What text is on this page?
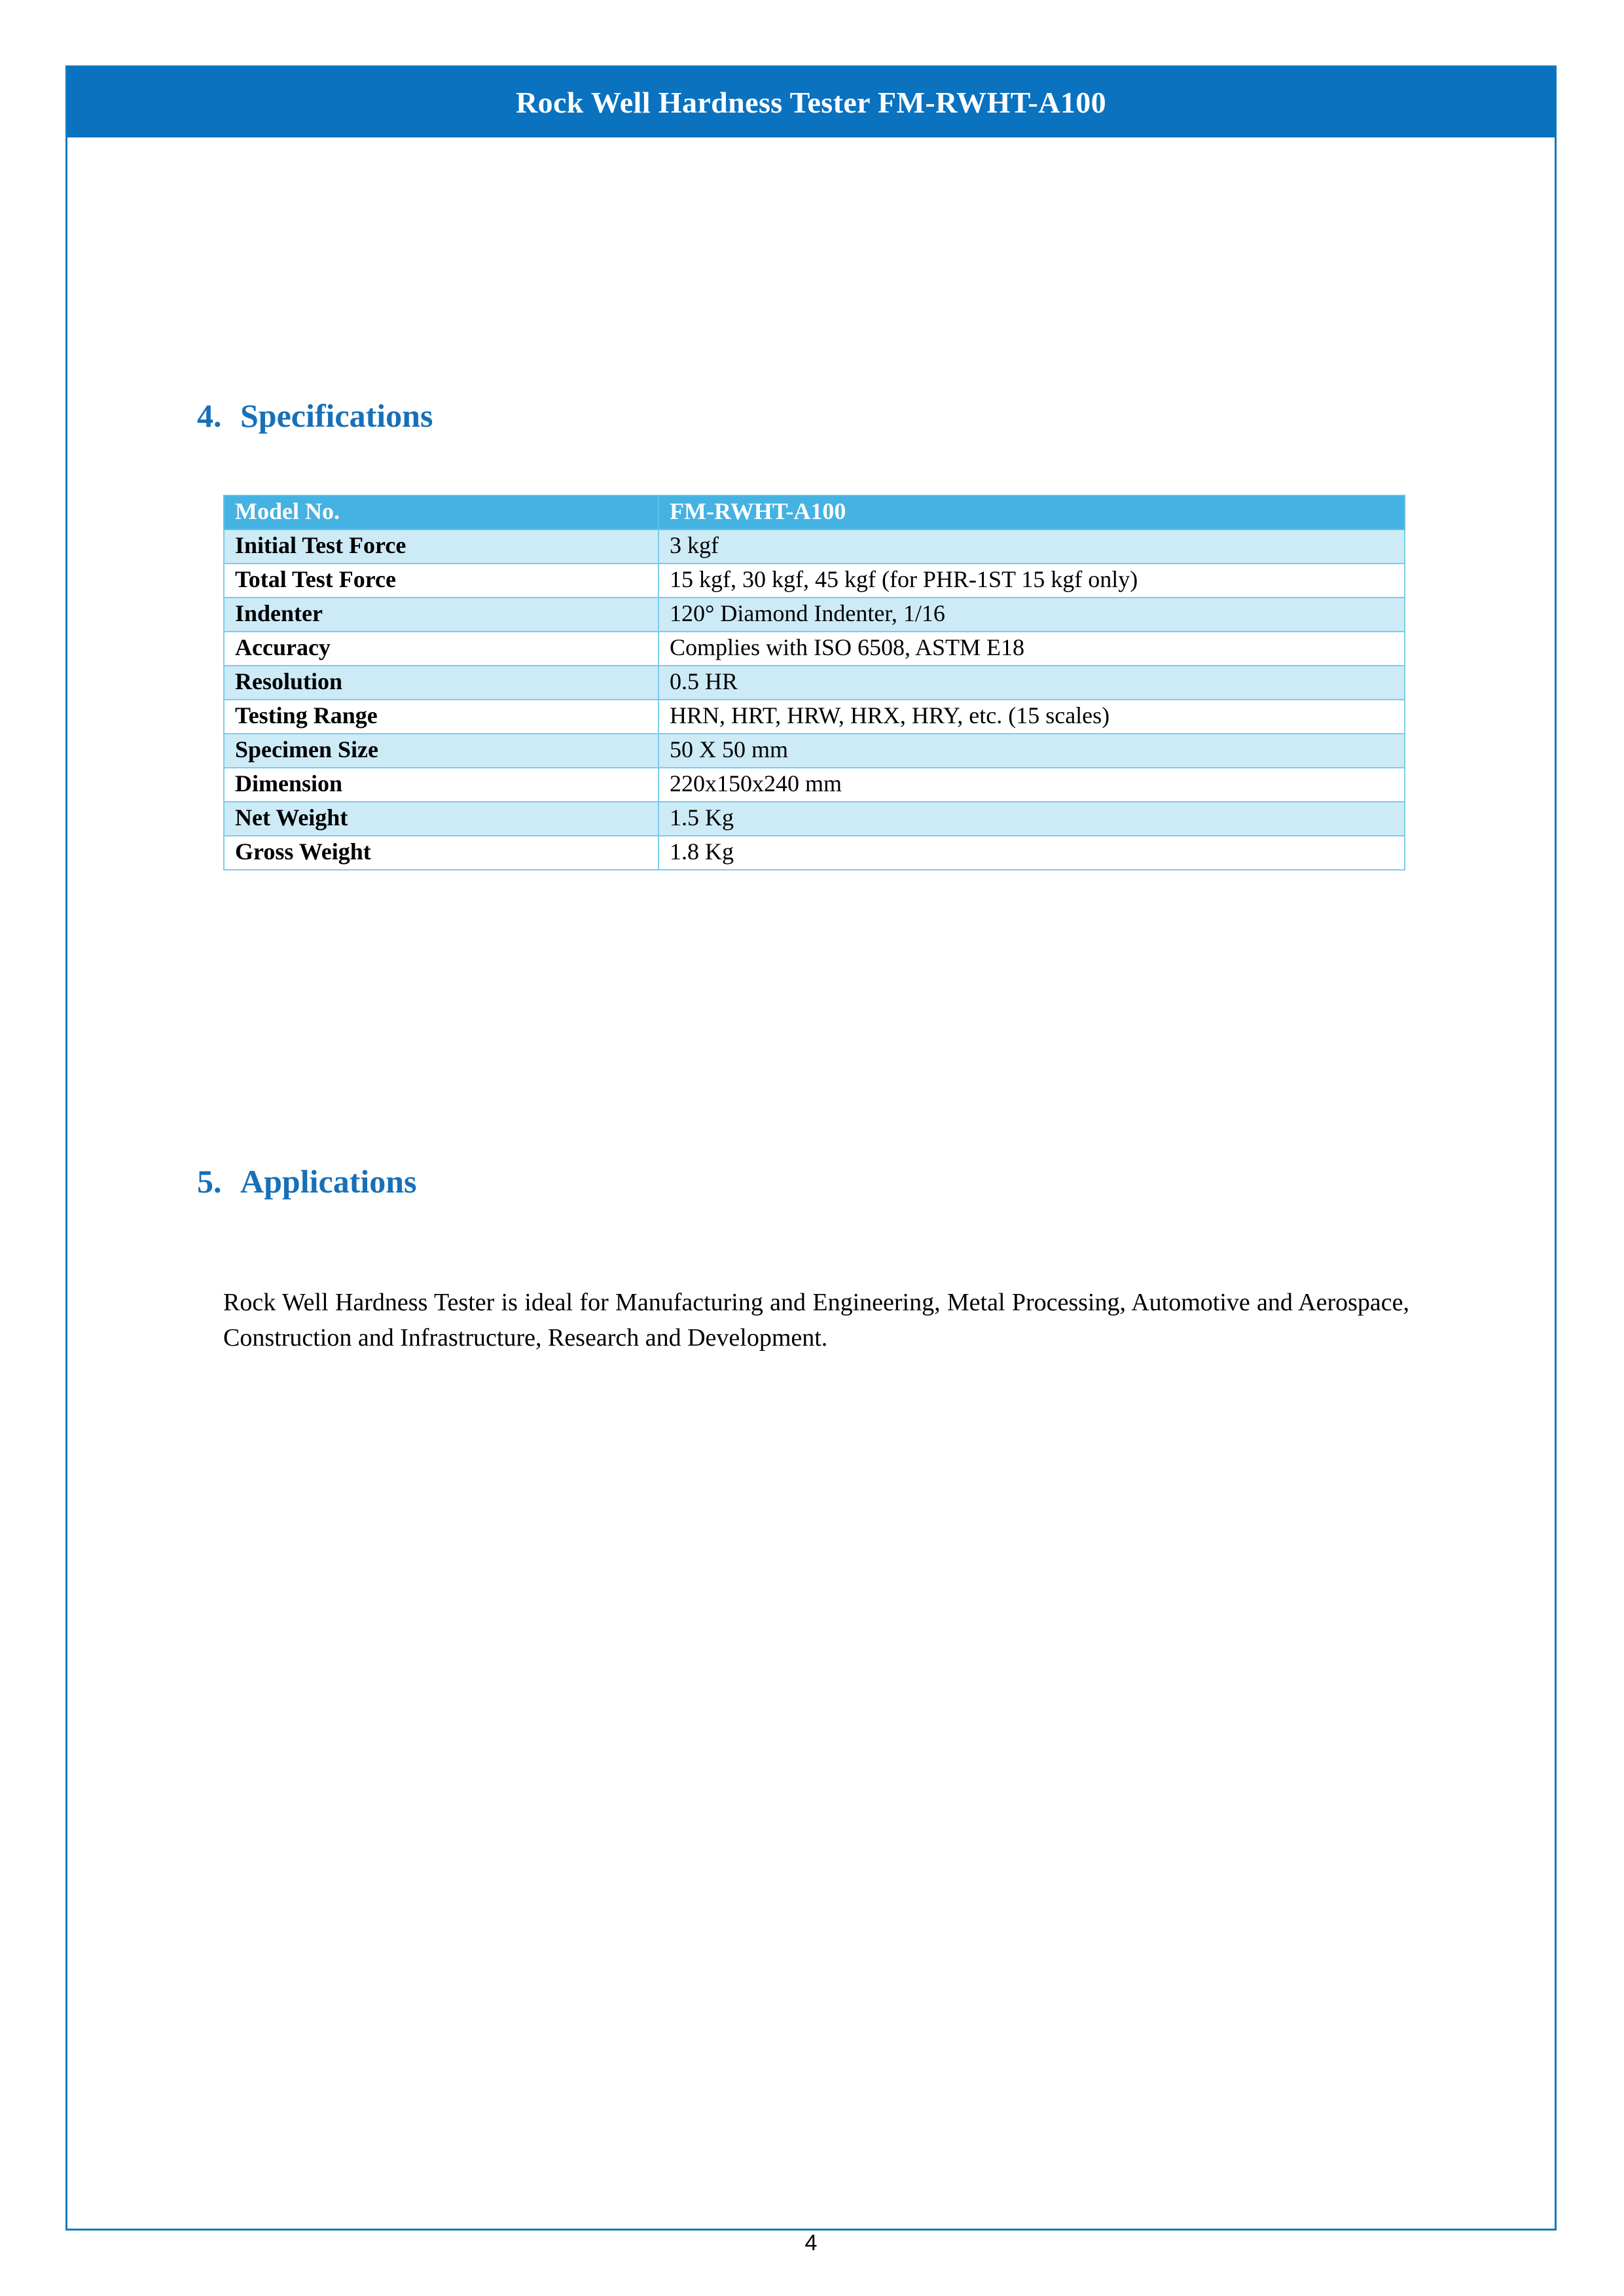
Rock Well Hardness Tester FM-RWHT-A100
4. Specifications
Model No.	FM-RWHT-A100
Initial Test Force	3 kgf
Total Test Force	15 kgf, 30 kgf, 45 kgf (for PHR-1ST 15 kgf only)
Indenter	120° Diamond Indenter, 1/16
Accuracy	Complies with ISO 6508, ASTM E18
Resolution	0.5 HR
Testing Range	HRN, HRT, HRW, HRX, HRY, etc. (15 scales)
Specimen Size	50 X 50 mm
Dimension	220x150x240 mm
Net Weight	1.5 Kg
Gross Weight	1.8 Kg
5. Applications

Rock Well Hardness Tester is ideal for Manufacturing and Engineering, Metal Processing, Automotive and Aerospace, Construction and Infrastructure, Research and Development.

4
